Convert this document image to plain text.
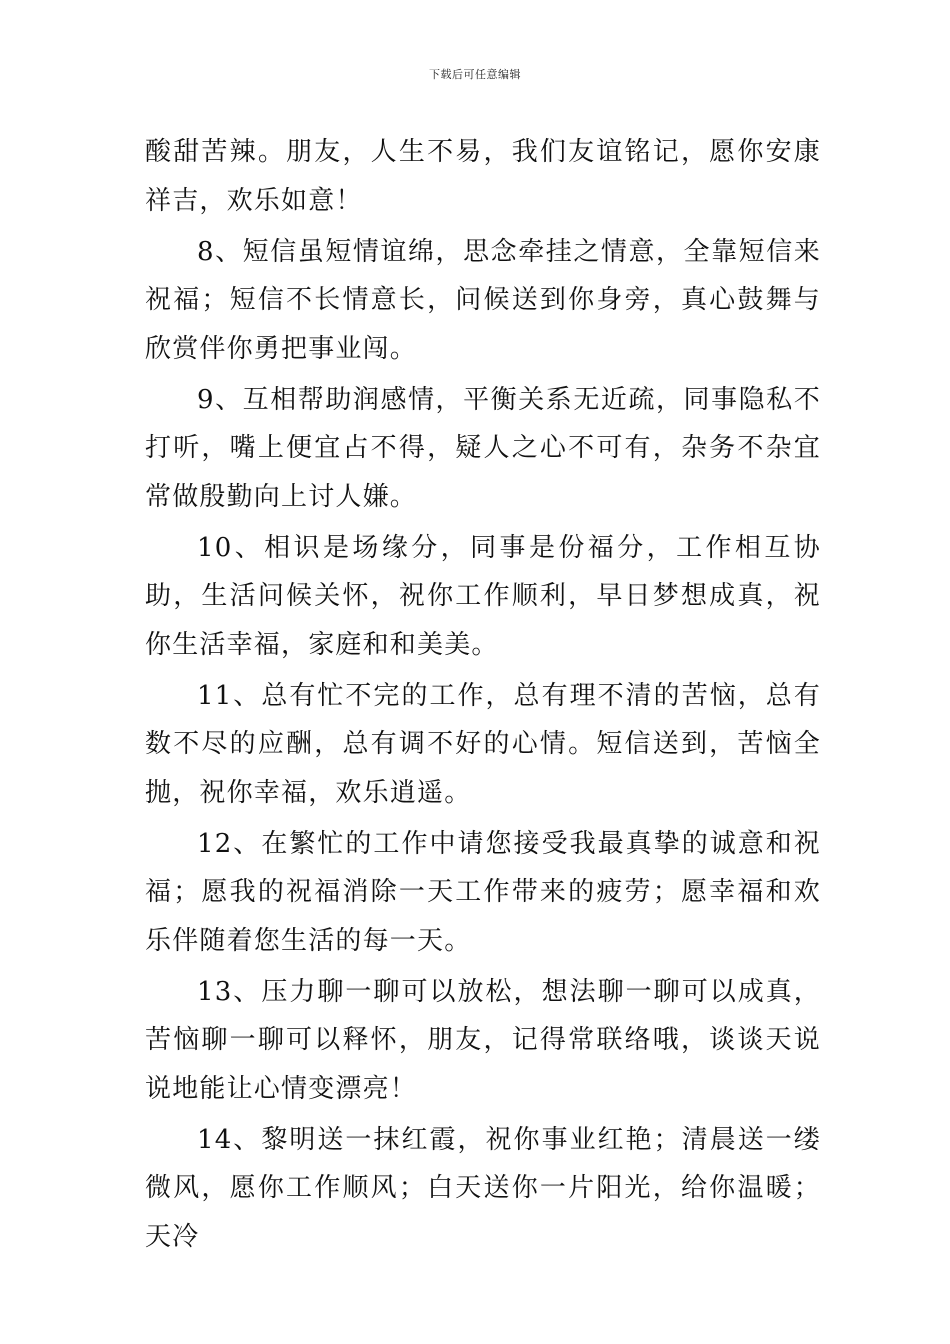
下载后可任意编辑

酸甜苦辣。朋友，人生不易，我们友谊铭记，愿你安康祥吉，欢乐如意！

8、短信虽短情谊绵，思念牵挂之情意，全靠短信来祝福；短信不长情意长，问候送到你身旁，真心鼓舞与欣赏伴你勇把事业闯。

9、互相帮助润感情，平衡关系无近疏，同事隐私不打听，嘴上便宜占不得，疑人之心不可有，杂务不杂宜常做殷勤向上讨人嫌。

10、相识是场缘分，同事是份福分，工作相互协助，生活问候关怀，祝你工作顺利，早日梦想成真，祝你生活幸福，家庭和和美美。

11、总有忙不完的工作，总有理不清的苦恼，总有数不尽的应酬，总有调不好的心情。短信送到，苦恼全抛，祝你幸福，欢乐逍遥。

12、在繁忙的工作中请您接受我最真挚的诚意和祝福；愿我的祝福消除一天工作带来的疲劳；愿幸福和欢乐伴随着您生活的每一天。

13、压力聊一聊可以放松，想法聊一聊可以成真，苦恼聊一聊可以释怀，朋友，记得常联络哦，谈谈天说说地能让心情变漂亮！

14、黎明送一抹红霞，祝你事业红艳；清晨送一缕微风，愿你工作顺风；白天送你一片阳光，给你温暖；天冷
